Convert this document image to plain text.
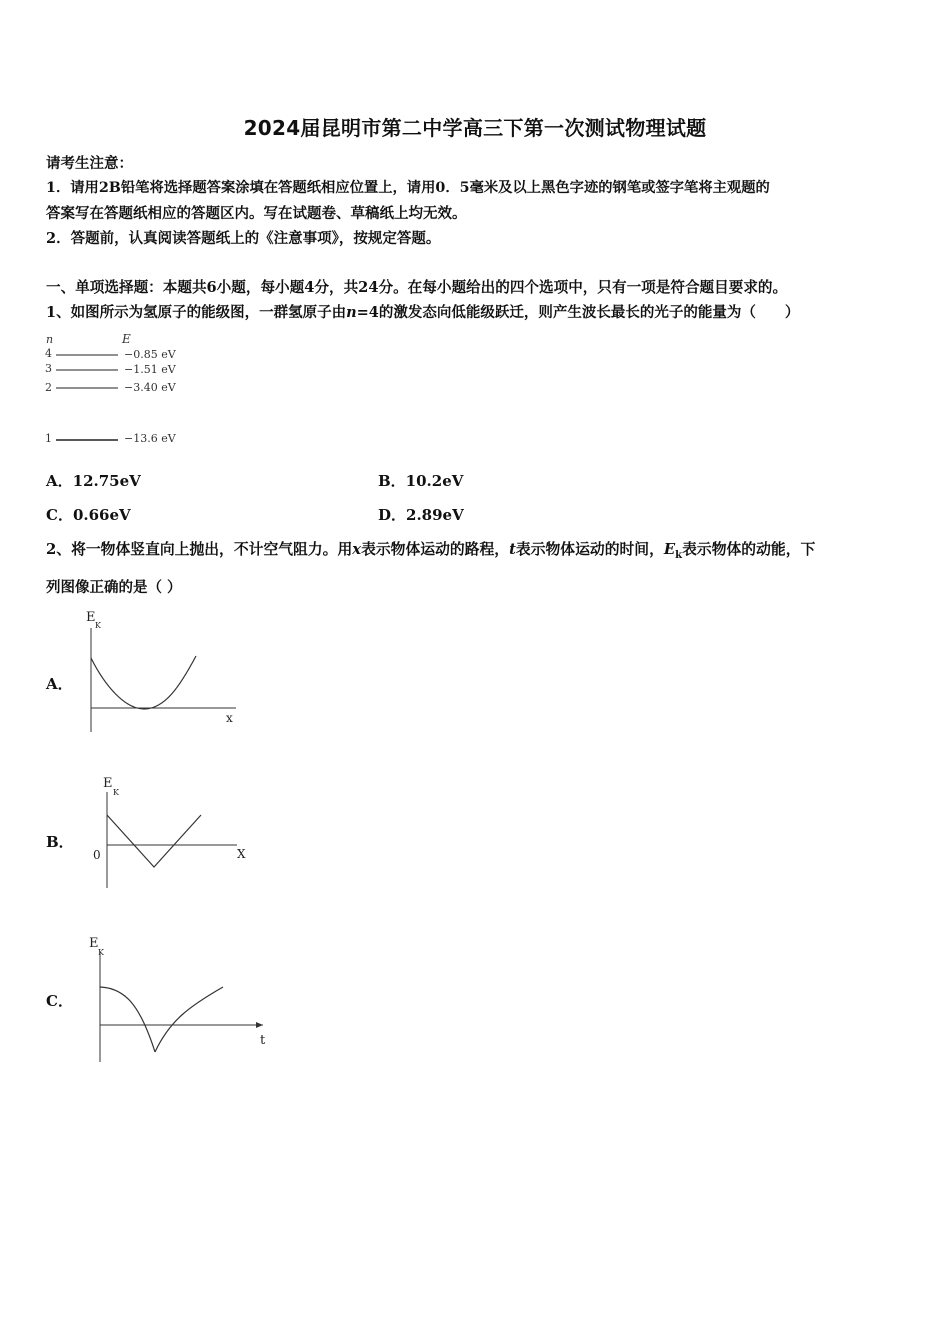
2024届昆明市第二中学高三下第一次测试物理试题
请考生注意：
1．请用2B铅笔将选择题答案涂填在答题纸相应位置上，请用0．5毫米及以上黑色字迹的钢笔或签字笔将主观题的
答案写在答题纸相应的答题区内。写在试题卷、草稿纸上均无效。
2．答题前，认真阅读答题纸上的《注意事项》，按规定答题。
一、单项选择题：本题共6小题，每小题4分，共24分。在每小题给出的四个选项中，只有一项是符合题目要求的。
1、如图所示为氢原子的能级图，一群氢原子由n=4的激发态向低能级跃迁，则产生波长最长的光子的能量为（　　）
n	E
4	−0.85 eV
3	−1.51 eV
2	−3.40 eV
1	−13.6 eV
A．12.75eV	B．10.2eV
C．0.66eV	D．2.89eV
2、将一物体竖直向上抛出，不计空气阻力。用x表示物体运动的路程，t表示物体运动的时间，$E_k$表示物体的动能，下
列图像正确的是（ ）
A．
E
K
x
B．
E
K
X
0
C．
E
K
t
